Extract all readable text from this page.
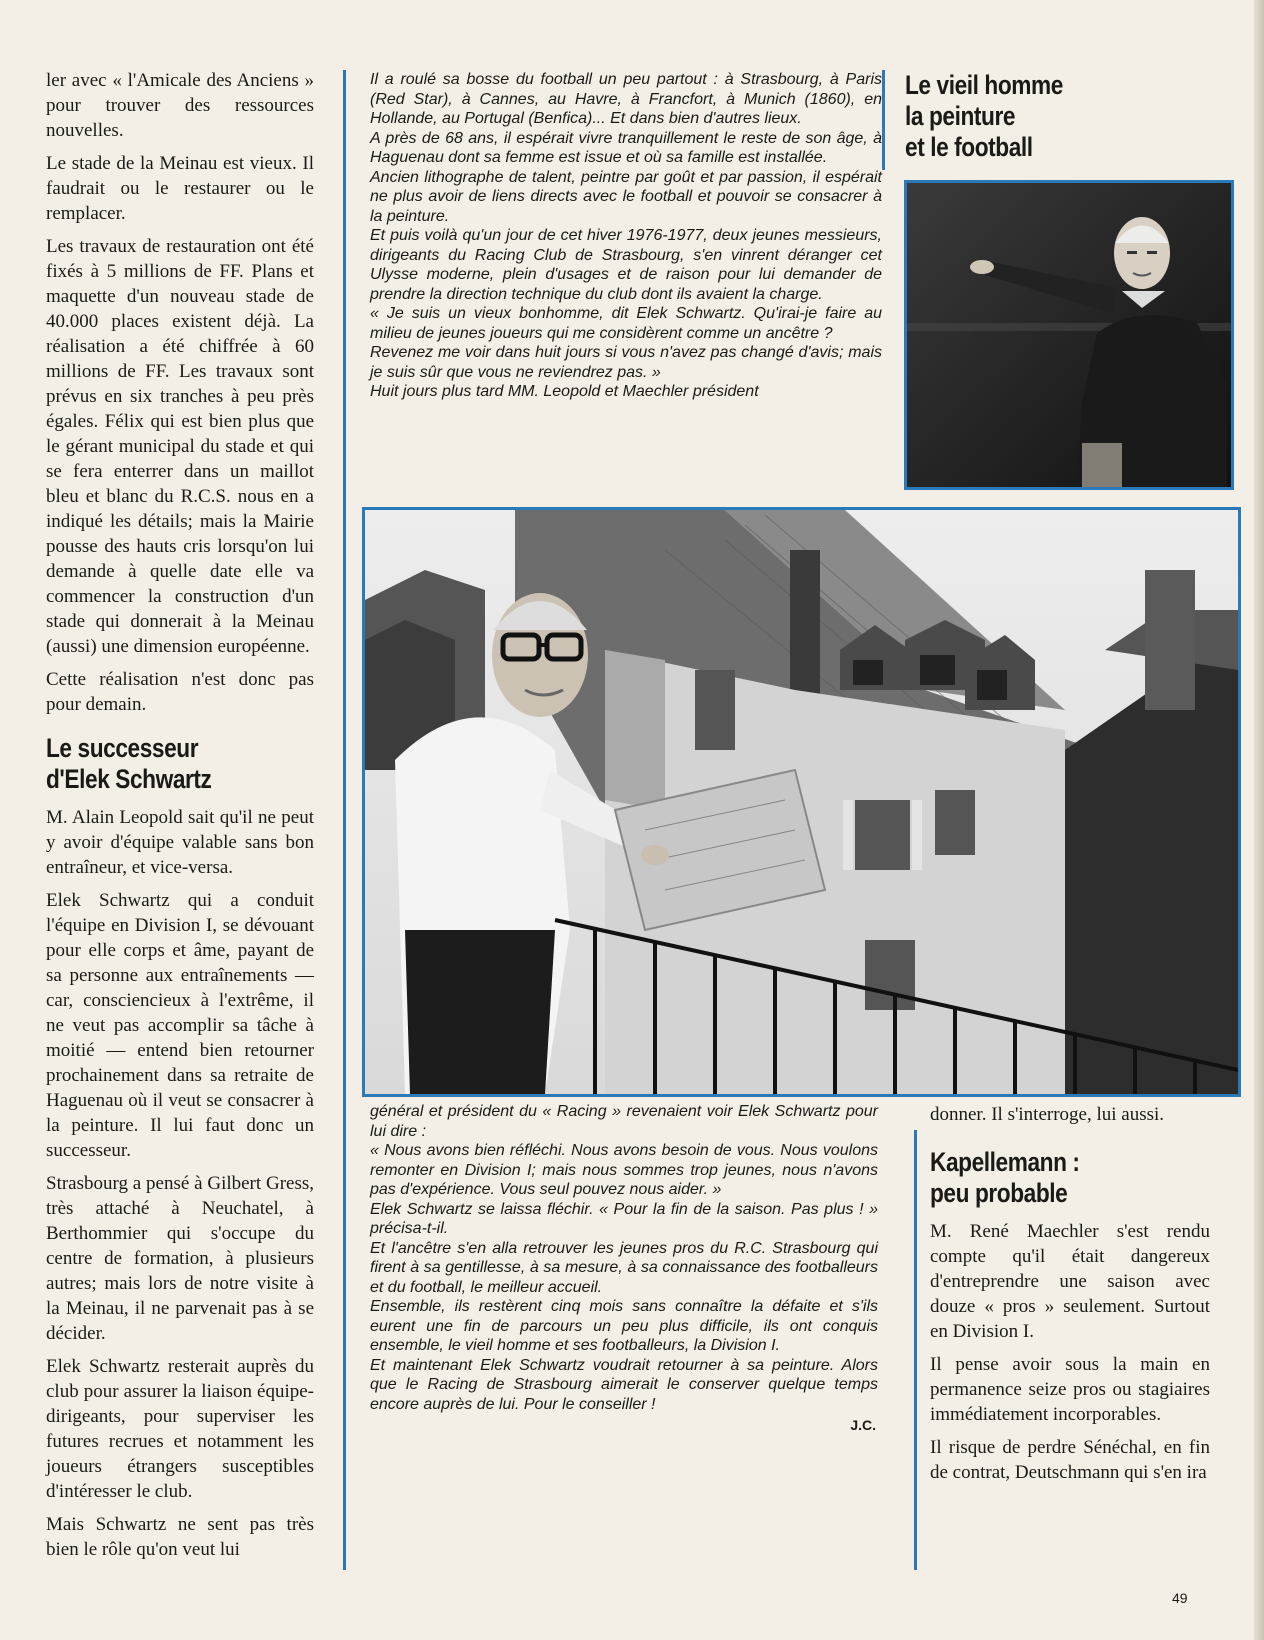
ler avec « l'Amicale des Anciens » pour trouver des ressources nouvelles.

Le stade de la Meinau est vieux. Il faudrait ou le restaurer ou le remplacer.

Les travaux de restauration ont été fixés à 5 millions de FF. Plans et maquette d'un nouveau stade de 40.000 places existent déjà. La réalisation a été chiffrée à 60 millions de FF. Les travaux sont prévus en six tranches à peu près égales. Félix qui est bien plus que le gérant municipal du stade et qui se fera enterrer dans un maillot bleu et blanc du R.C.S. nous en a indiqué les détails; mais la Mairie pousse des hauts cris lorsqu'on lui demande à quelle date elle va commencer la construction d'un stade qui donnerait à la Meinau (aussi) une dimension européenne.

Cette réalisation n'est donc pas pour demain.

Le successeur
d'Elek Schwartz

M. Alain Leopold sait qu'il ne peut y avoir d'équipe valable sans bon entraîneur, et vice-versa.

Elek Schwartz qui a conduit l'équipe en Division I, se dévouant pour elle corps et âme, payant de sa personne aux entraînements — car, consciencieux à l'extrême, il ne veut pas accomplir sa tâche à moitié — entend bien retourner prochainement dans sa retraite de Haguenau où il veut se consacrer à la peinture. Il lui faut donc un successeur.

Strasbourg a pensé à Gilbert Gress, très attaché à Neuchatel, à Berthommier qui s'occupe du centre de formation, à plusieurs autres; mais lors de notre visite à la Meinau, il ne parvenait pas à se décider.

Elek Schwartz resterait auprès du club pour assurer la liaison équipe-dirigeants, pour superviser les futures recrues et notamment les joueurs étrangers susceptibles d'intéresser le club.

Mais Schwartz ne sent pas très bien le rôle qu'on veut lui

Il a roulé sa bosse du football un peu partout : à Strasbourg, à Paris (Red Star), à Cannes, au Havre, à Francfort, à Munich (1860), en Hollande, au Portugal (Benfica)... Et dans bien d'autres lieux.

A près de 68 ans, il espérait vivre tranquillement le reste de son âge, à Haguenau dont sa femme est issue et où sa famille est installée.

Ancien lithographe de talent, peintre par goût et par passion, il espérait ne plus avoir de liens directs avec le football et pouvoir se consacrer à la peinture.

Et puis voilà qu'un jour de cet hiver 1976-1977, deux jeunes messieurs, dirigeants du Racing Club de Strasbourg, s'en vinrent déranger cet Ulysse moderne, plein d'usages et de raison pour lui demander de prendre la direction technique du club dont ils avaient la charge.

« Je suis un vieux bonhomme, dit Elek Schwartz. Qu'irai-je faire au milieu de jeunes joueurs qui me considèrent comme un ancêtre ?

Revenez me voir dans huit jours si vous n'avez pas changé d'avis; mais je suis sûr que vous ne reviendrez pas. »

Huit jours plus tard MM. Leopold et Maechler président

Le vieil homme
la peinture
et le football

général et président du « Racing » revenaient voir Elek Schwartz pour lui dire :

« Nous avons bien réfléchi. Nous avons besoin de vous. Nous voulons remonter en Division I; mais nous sommes trop jeunes, nous n'avons pas d'expérience. Vous seul pouvez nous aider. »

Elek Schwartz se laissa fléchir. « Pour la fin de la saison. Pas plus ! » précisa-t-il.

Et l'ancêtre s'en alla retrouver les jeunes pros du R.C. Strasbourg qui firent à sa gentillesse, à sa mesure, à sa connaissance des footballeurs et du football, le meilleur accueil.

Ensemble, ils restèrent cinq mois sans connaître la défaite et s'ils eurent une fin de parcours un peu plus difficile, ils ont conquis ensemble, le vieil homme et ses footballeurs, la Division I.

Et maintenant Elek Schwartz voudrait retourner à sa peinture. Alors que le Racing de Strasbourg aimerait le conserver quelque temps encore auprès de lui. Pour le conseiller !

J.C.

donner. Il s'interroge, lui aussi.

Kapellemann :
peu probable

M. René Maechler s'est rendu compte qu'il était dangereux d'entreprendre une saison avec douze « pros » seulement. Surtout en Division I.

Il pense avoir sous la main en permanence seize pros ou stagiaires immédiatement incorporables.

Il risque de perdre Sénéchal, en fin de contrat, Deutschmann qui s'en ira

49
